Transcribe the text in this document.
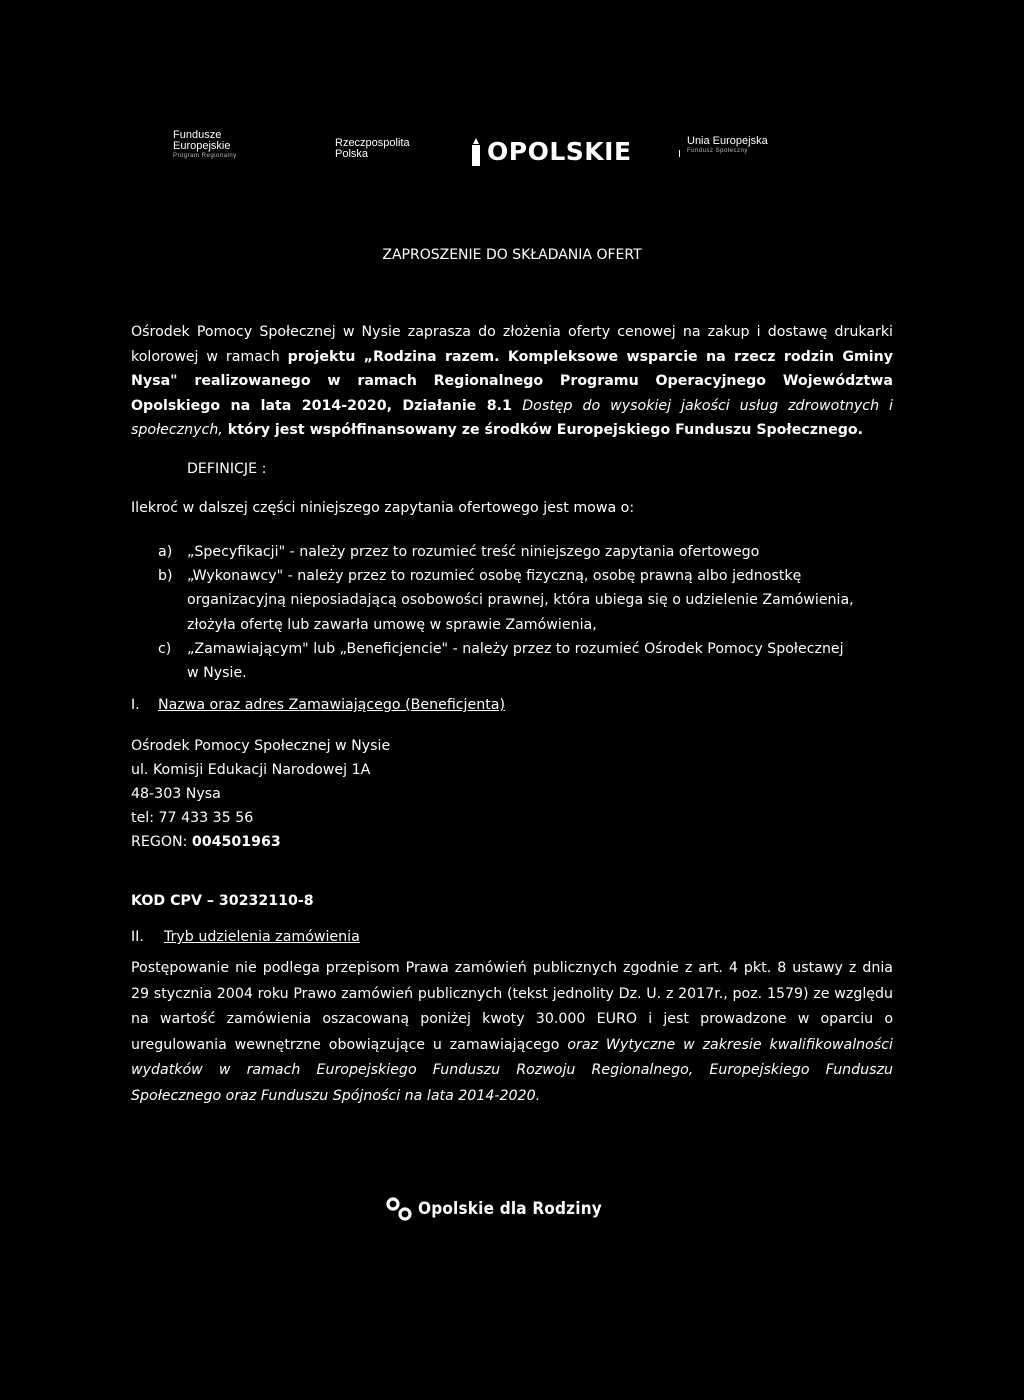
Fundusze
Europejskie
Program Regionalny
Rzeczpospolita
Polska	OPOLSKIE	Unia Europejska
Fundusz Społeczny
ZAPROSZENIE DO SKŁADANIA OFERT
Ośrodek Pomocy Społecznej w Nysie zaprasza do złożenia oferty cenowej na zakup i dostawę drukarki kolorowej w ramach projektu „Rodzina razem. Kompleksowe wsparcie na rzecz rodzin Gminy Nysa" realizowanego w ramach Regionalnego Programu Operacyjnego Województwa Opolskiego na lata 2014-2020, Działanie 8.1 Dostęp do wysokiej jakości usług zdrowotnych i społecznych, który jest współfinansowany ze środków Europejskiego Funduszu Społecznego.
DEFINICJE :
Ilekroć w dalszej części niniejszego zapytania ofertowego jest mowa o:
a) „Specyfikacji" - należy przez to rozumieć treść niniejszego zapytania ofertowego
b) „Wykonawcy" - należy przez to rozumieć osobę fizyczną, osobę prawną albo jednostkę organizacyjną nieposiadającą osobowości prawnej, która ubiega się o udzielenie Zamówienia, złożyła ofertę lub zawarła umowę w sprawie Zamówienia,
c) „Zamawiającym" lub „Beneficjencie" - należy przez to rozumieć Ośrodek Pomocy Społecznej w Nysie.
I. Nazwa oraz adres Zamawiającego (Beneficjenta)
Ośrodek Pomocy Społecznej w Nysie
ul. Komisji Edukacji Narodowej 1A
48-303 Nysa
tel: 77 433 35 56
REGON: 004501963
KOD CPV – 30232110-8
II. Tryb udzielenia zamówienia
Postępowanie nie podlega przepisom Prawa zamówień publicznych zgodnie z art. 4 pkt. 8 ustawy z dnia 29 stycznia 2004 roku Prawo zamówień publicznych (tekst jednolity Dz. U. z 2017r., poz. 1579) ze względu na wartość zamówienia oszacowaną poniżej kwoty 30.000 EURO i jest prowadzone w oparciu o uregulowania wewnętrzne obowiązujące u zamawiającego oraz Wytyczne w zakresie kwalifikowalności wydatków w ramach Europejskiego Funduszu Rozwoju Regionalnego, Europejskiego Funduszu Społecznego oraz Funduszu Spójności na lata 2014-2020.
Opolskie dla Rodziny
